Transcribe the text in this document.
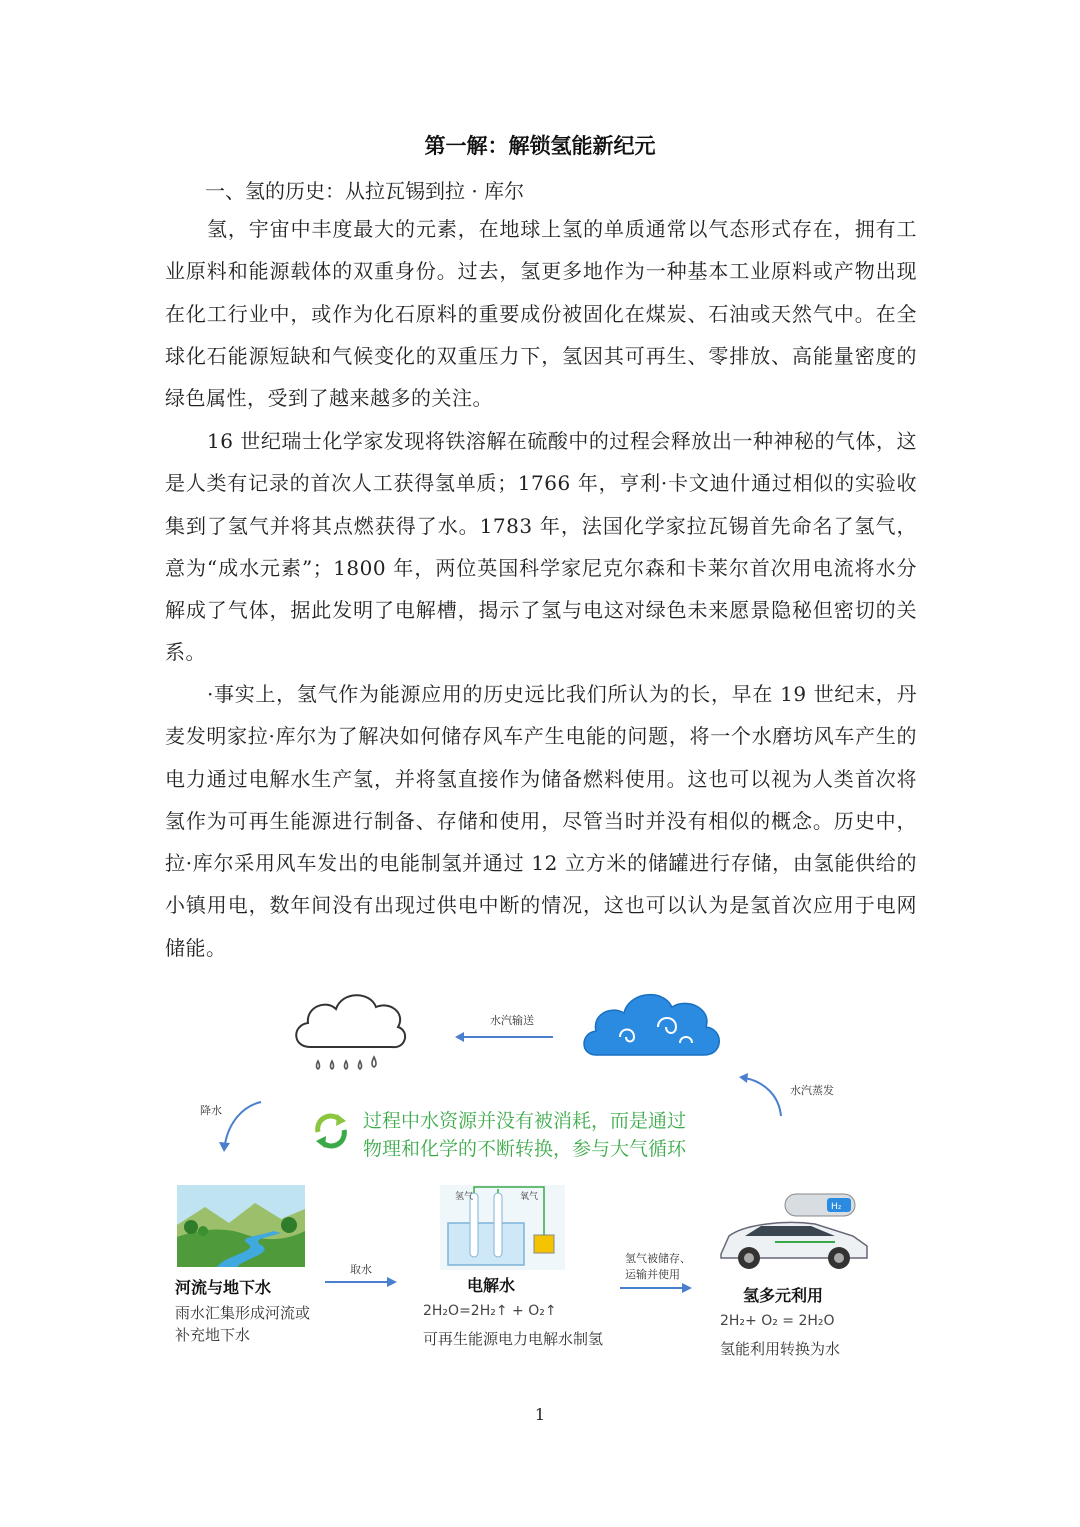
第一解：解锁氢能新纪元
一、氢的历史：从拉瓦锡到拉 · 库尔

氢，宇宙中丰度最大的元素，在地球上氢的单质通常以气态形式存在，拥有工业原料和能源载体的双重身份。过去，氢更多地作为一种基本工业原料或产物出现在化工行业中，或作为化石原料的重要成份被固化在煤炭、石油或天然气中。在全球化石能源短缺和气候变化的双重压力下，氢因其可再生、零排放、高能量密度的绿色属性，受到了越来越多的关注。

16 世纪瑞士化学家发现将铁溶解在硫酸中的过程会释放出一种神秘的气体，这是人类有记录的首次人工获得氢单质；1766 年，亨利·卡文迪什通过相似的实验收集到了氢气并将其点燃获得了水。1783 年，法国化学家拉瓦锡首先命名了氢气，意为“成水元素”；1800 年，两位英国科学家尼克尔森和卡莱尔首次用电流将水分解成了气体，据此发明了电解槽，揭示了氢与电这对绿色未来愿景隐秘但密切的关系。

·事实上，氢气作为能源应用的历史远比我们所认为的长，早在 19 世纪末，丹麦发明家拉·库尔为了解决如何储存风车产生电能的问题，将一个水磨坊风车产生的电力通过电解水生产氢，并将氢直接作为储备燃料使用。这也可以视为人类首次将氢作为可再生能源进行制备、存储和使用，尽管当时并没有相似的概念。历史中，拉·库尔采用风车发出的电能制氢并通过 12 立方米的储罐进行存储，由氢能供给的小镇用电，数年间没有出现过供电中断的情况，这也可以认为是氢首次应用于电网储能。

水汽输送
水汽蒸发
降水	过程中水资源并没有被消耗，而是通过
物理和化学的不断转换，参与大气循环
河流与地下水
雨水汇集形成河流或
补充地下水
取水
氢气	氧气
电解水
2H₂O=2H₂↑ + O₂↑
可再生能源电力电解水制氢
氢气被储存、
运输并使用
H₂
氢多元利用
2H₂+ O₂ = 2H₂O
氢能利用转换为水
1
